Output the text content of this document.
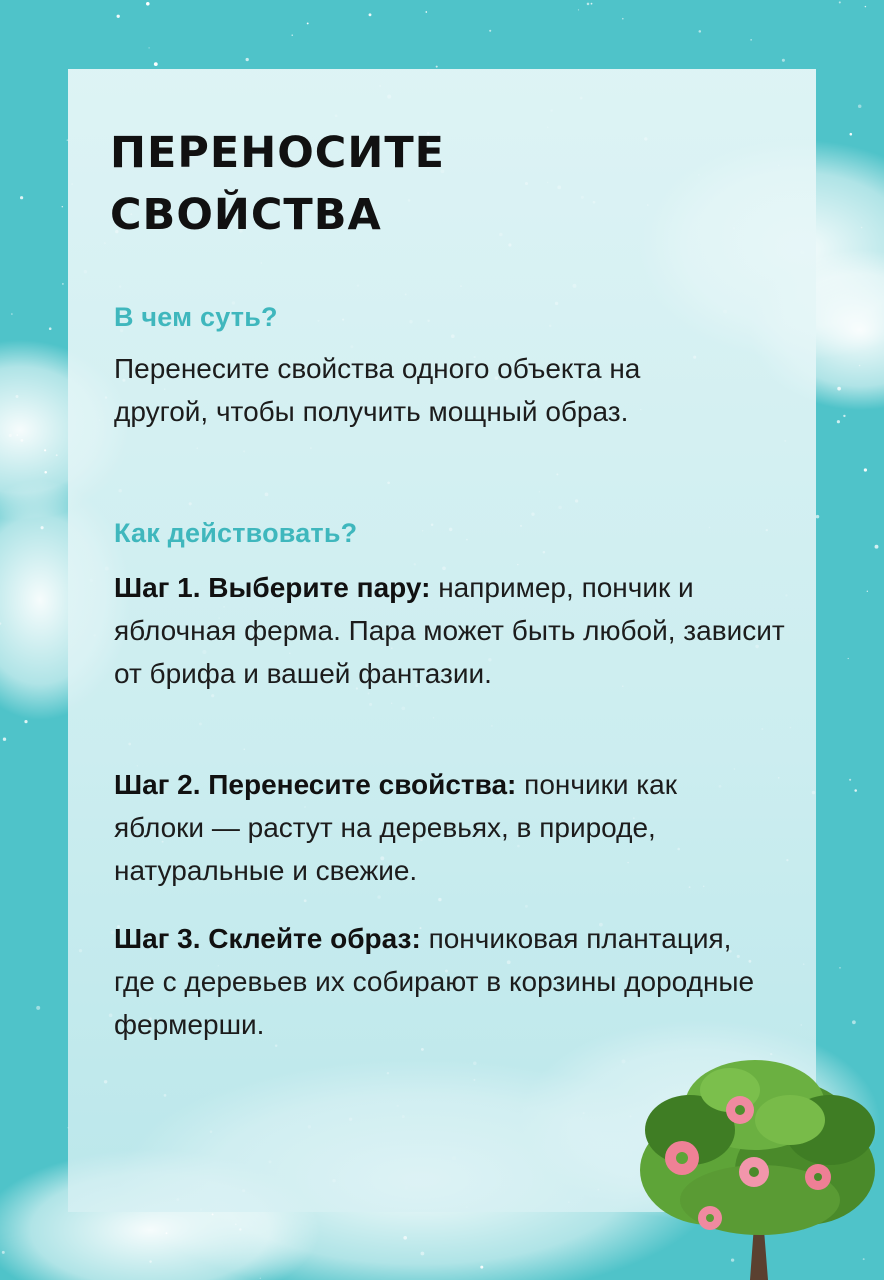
ПЕРЕНОСИТЕ СВОЙСТВА
В чем суть?

Перенесите свойства одного объекта на другой, чтобы получить мощный образ.

Как действовать?

Шаг 1. Выберите пару: например, пончик и яблочная ферма. Пара может быть любой, зависит от брифа и вашей фантазии.

Шаг 2. Перенесите свойства: пончики как яблоки — растут на деревьях, в природе, натуральные и свежие.

Шаг 3. Склейте образ: пончиковая плантация, где с деревьев их собирают в корзины дородные фермерши.
